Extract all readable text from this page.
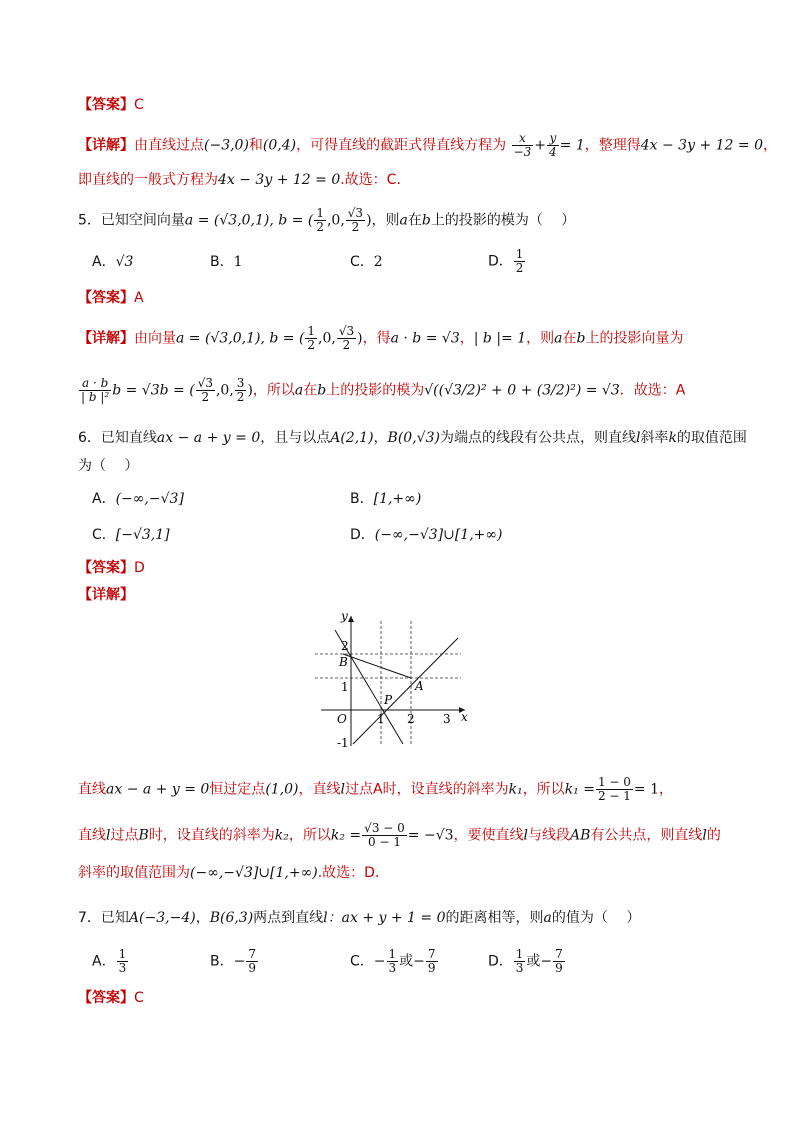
【答案】C
【详解】由直线过点(−3,0)和(0,4)，可得直线的截距式得直线方程为 $\frac{x}{-3} + \frac{y}{4} = 1$，整理得4x − 3y + 12 = 0，
即直线的一般式方程为4x − 3y + 12 = 0.故选：C.
5．已知空间向量a = (√3,0,1), b = ( $\frac{1}{2} ,0$, $\frac{√3}{2}$ )，则a在b上的投影的模为（　 ）
A．√3	B．1	C．2	D． $\frac{1}{2}$
【答案】A
【详解】由向量a = (√3,0,1), b = ( $\frac{1}{2} ,0$, $\frac{√3}{2}$ )，得a · b = √3，| b |= 1，则a在b上的投影向量为
$\frac{a \cdot b}{\text{| b |²}}$ b = √3b = ( $\frac{√3}{2} ,0$, $\frac{3}{2}$ )，所以a在b上的投影的模为√((√3/2)² + 0 + (3/2)²) = √3．故选：A
6．已知直线ax − a + y = 0，且与以点A(2,1)，B(0,√3)为端点的线段有公共点，则直线l斜率k的取值范围
为（　 ）
A．(−∞,−√3]	B．[1,+∞)
C．[−√3,1]	D．(−∞,−√3]∪[1,+∞)
【答案】D
【详解】
y
x
O
2
1
-1
1 2 3
B
A
P
直线ax − a + y = 0恒过定点(1,0)，直线l过点A时，设直线的斜率为k₁，所以$k_1 = \frac{1 - 0}{2 - 1} = 1$，
直线l过点B时，设直线的斜率为k₂，所以$k_2 = \frac{√3 - 0}{0 - 1} = -√3$，要使直线l与线段AB有公共点，则直线l的
斜率的取值范围为(−∞,−√3]∪[1,+∞).故选：D.
7．已知A(−3,−4)，B(6,3)两点到直线l：ax + y + 1 = 0的距离相等，则a的值为（　 ）
A． $\frac{1}{3}$	B．− $\frac{7}{9}$	C．− $\frac{1}{3}$ 或− $\frac{7}{9}$	D． $\frac{1}{3}$ 或− $\frac{7}{9}$
【答案】C
